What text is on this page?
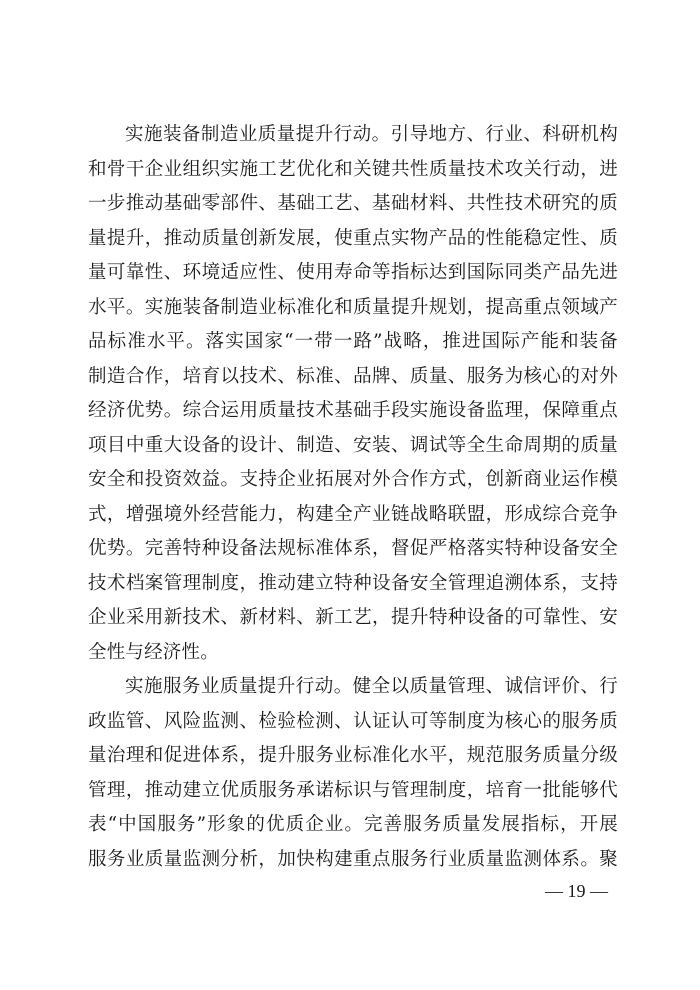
实施装备制造业质量提升行动。引导地方、行业、科研机构
和骨干企业组织实施工艺优化和关键共性质量技术攻关行动，进
一步推动基础零部件、基础工艺、基础材料、共性技术研究的质
量提升，推动质量创新发展，使重点实物产品的性能稳定性、质
量可靠性、环境适应性、使用寿命等指标达到国际同类产品先进
水平。实施装备制造业标准化和质量提升规划，提高重点领域产
品标准水平。落实国家“一带一路”战略，推进国际产能和装备
制造合作，培育以技术、标准、品牌、质量、服务为核心的对外
经济优势。综合运用质量技术基础手段实施设备监理，保障重点
项目中重大设备的设计、制造、安装、调试等全生命周期的质量
安全和投资效益。支持企业拓展对外合作方式，创新商业运作模
式，增强境外经营能力，构建全产业链战略联盟，形成综合竞争
优势。完善特种设备法规标准体系，督促严格落实特种设备安全
技术档案管理制度，推动建立特种设备安全管理追溯体系，支持
企业采用新技术、新材料、新工艺，提升特种设备的可靠性、安
全性与经济性。
实施服务业质量提升行动。健全以质量管理、诚信评价、行
政监管、风险监测、检验检测、认证认可等制度为核心的服务质
量治理和促进体系，提升服务业标准化水平，规范服务质量分级
管理，推动建立优质服务承诺标识与管理制度，培育一批能够代
表“中国服务”形象的优质企业。完善服务质量发展指标，开展
服务业质量监测分析，加快构建重点服务行业质量监测体系。聚
— 19 —
